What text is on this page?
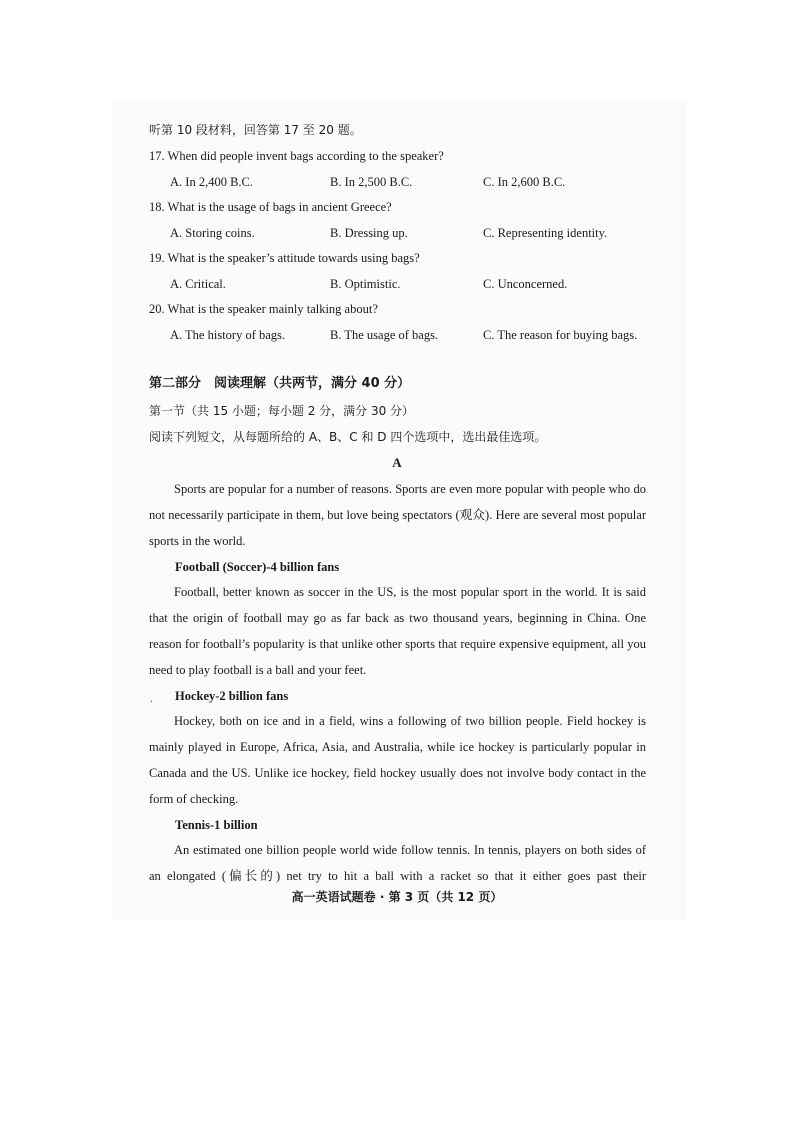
听第 10 段材料，回答第 17 至 20 题。
17. When did people invent bags according to the speaker?
A. In 2,400 B.C.	B. In 2,500 B.C.	C. In 2,600 B.C.
18. What is the usage of bags in ancient Greece?
A. Storing coins.	B. Dressing up.	C. Representing identity.
19. What is the speaker’s attitude towards using bags?
A. Critical.	B. Optimistic.	C. Unconcerned.
20. What is the speaker mainly talking about?
A. The history of bags.	B. The usage of bags.	C. The reason for buying bags.
第二部分　阅读理解（共两节，满分 40 分）
第一节（共 15 小题；每小题 2 分，满分 30 分）
阅读下列短文，从每题所给的 A、B、C 和 D 四个选项中，选出最佳选项。
A
Sports are popular for a number of reasons. Sports are even more popular with people who do not necessarily participate in them, but love being spectators (观众). Here are several most popular sports in the world.
Football (Soccer)-4 billion fans
Football, better known as soccer in the US, is the most popular sport in the world. It is said that the origin of football may go as far back as two thousand years, beginning in China. One reason for football’s popularity is that unlike other sports that require expensive equipment, all you need to play football is a ball and your feet.
. Hockey-2 billion fans
Hockey, both on ice and in a field, wins a following of two billion people. Field hockey is mainly played in Europe, Africa, Asia, and Australia, while ice hockey is particularly popular in Canada and the US. Unlike ice hockey, field hockey usually does not involve body contact in the form of checking.
Tennis-1 billion
An estimated one billion people world wide follow tennis. In tennis, players on both sides of an elongated (偏长的) net try to hit a ball with a racket so that it either goes past their
高一英语试题卷 · 第 3 页（共 12 页）
